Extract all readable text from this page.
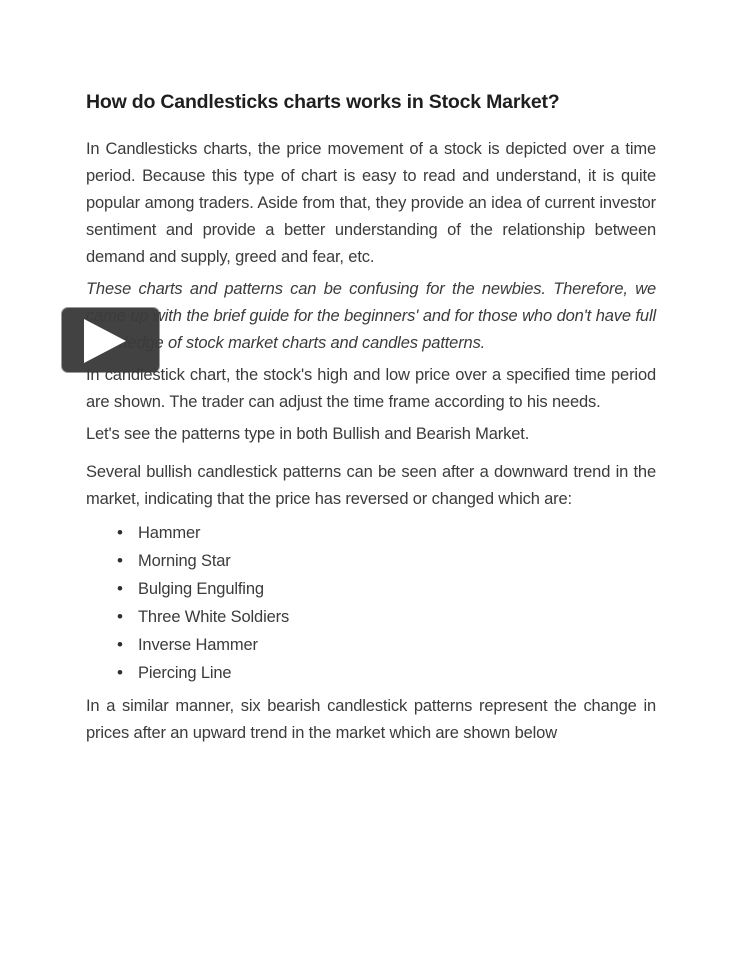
How do Candlesticks charts works in Stock Market?

In Candlesticks charts, the price movement of a stock is depicted over a time period. Because this type of chart is easy to read and understand, it is quite popular among traders. Aside from that, they provide an idea of current investor sentiment and provide a better understanding of the relationship between demand and supply, greed and fear, etc.

These charts and patterns can be confusing for the newbies. Therefore, we came up with the brief guide for the beginners' and for those who don't have full knowledge of stock market charts and candles patterns.

In candlestick chart, the stock's high and low price over a specified time period are shown. The trader can adjust the time frame according to his needs.

Let's see the patterns type in both Bullish and Bearish Market.

Several bullish candlestick patterns can be seen after a downward trend in the market, indicating that the price has reversed or changed which are:

• Hammer
• Morning Star
• Bulging Engulfing
• Three White Soldiers
• Inverse Hammer
• Piercing Line

In a similar manner, six bearish candlestick patterns represent the change in prices after an upward trend in the market which are shown below
